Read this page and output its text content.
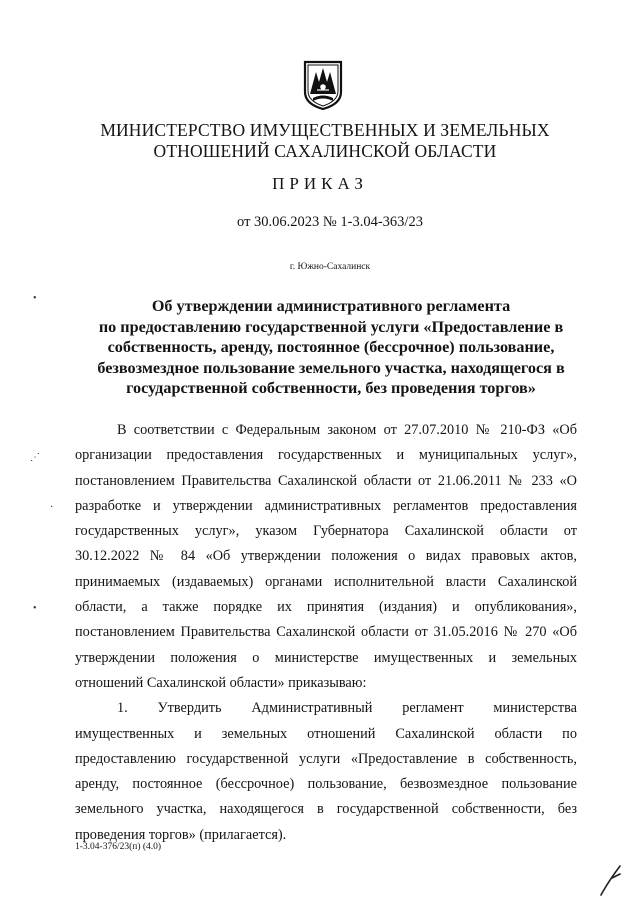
МИНИСТЕРСТВО ИМУЩЕСТВЕННЫХ И ЗЕМЕЛЬНЫХ
ОТНОШЕНИЙ САХАЛИНСКОЙ ОБЛАСТИ
ПРИКАЗ
от 30.06.2023 № 1-3.04-363/23
г. Южно-Сахалинск
Об утверждении административного регламента
по предоставлению государственной услуги «Предоставление в
собственность, аренду, постоянное (бессрочное) пользование,
безвозмездное пользование земельного участка, находящегося в
государственной собственности, без проведения торгов»
В соответствии с Федеральным законом от 27.07.2010 № 210-ФЗ «Об
организации предоставления государственных и муниципальных услуг»,
постановлением Правительства Сахалинской области от 21.06.2011 № 233 «О
разработке и утверждении административных регламентов предоставления
государственных услуг», указом Губернатора Сахалинской области от
30.12.2022 № 84 «Об утверждении положения о видах правовых актов,
принимаемых (издаваемых) органами исполнительной власти Сахалинской
области, а также порядке их принятия (издания) и опубликования»,
постановлением Правительства Сахалинской области от 31.05.2016 № 270 «Об
утверждении положения о министерстве имущественных и земельных
отношений Сахалинской области» приказываю:
1. Утвердить Административный регламент министерства
имущественных и земельных отношений Сахалинской области по
предоставлению государственной услуги «Предоставление в собственность,
аренду, постоянное (бессрочное) пользование, безвозмездное пользование
земельного участка, находящегося в государственной собственности, без
проведения торгов» (прилагается).
1-3.04-376/23(п) (4.0)
•
⋰
·
•
